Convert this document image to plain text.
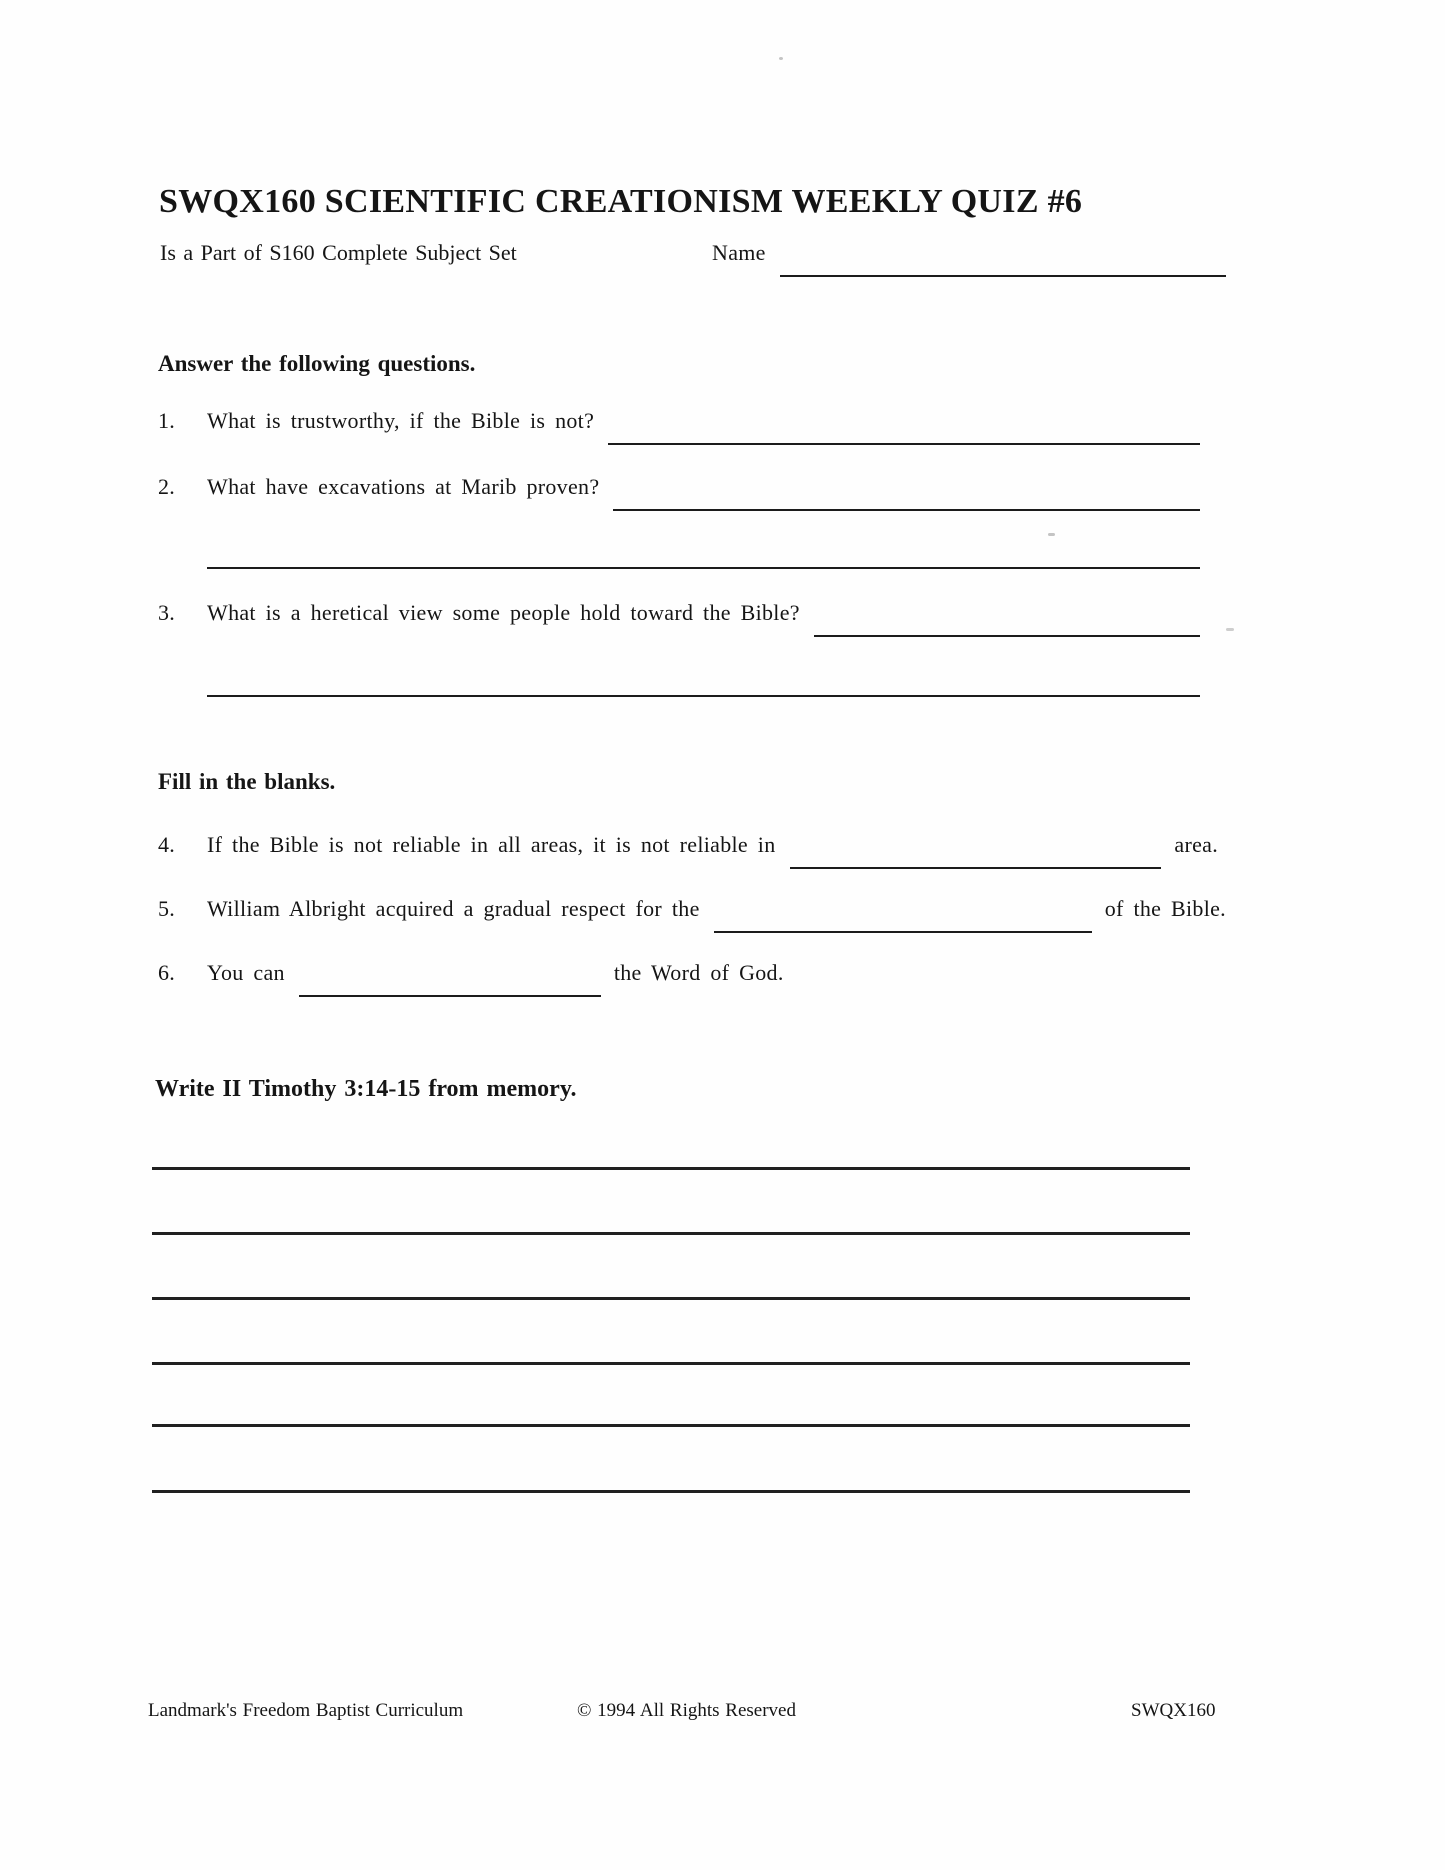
SWQX160 SCIENTIFIC CREATIONISM WEEKLY QUIZ #6
Is a Part of S160 Complete Subject Set	Name
Answer the following questions.
1.	What is trustworthy, if the Bible is not?
2.	What have excavations at Marib proven?
3.	What is a heretical view some people hold toward the Bible?
Fill in the blanks.
4.	If the Bible is not reliable in all areas, it is not reliable in	area.
5.	William Albright acquired a gradual respect for the	of the Bible.
6.	You can	the Word of God.
Write II Timothy 3:14-15 from memory.
Landmark's Freedom Baptist Curriculum	© 1994 All Rights Reserved	SWQX160
